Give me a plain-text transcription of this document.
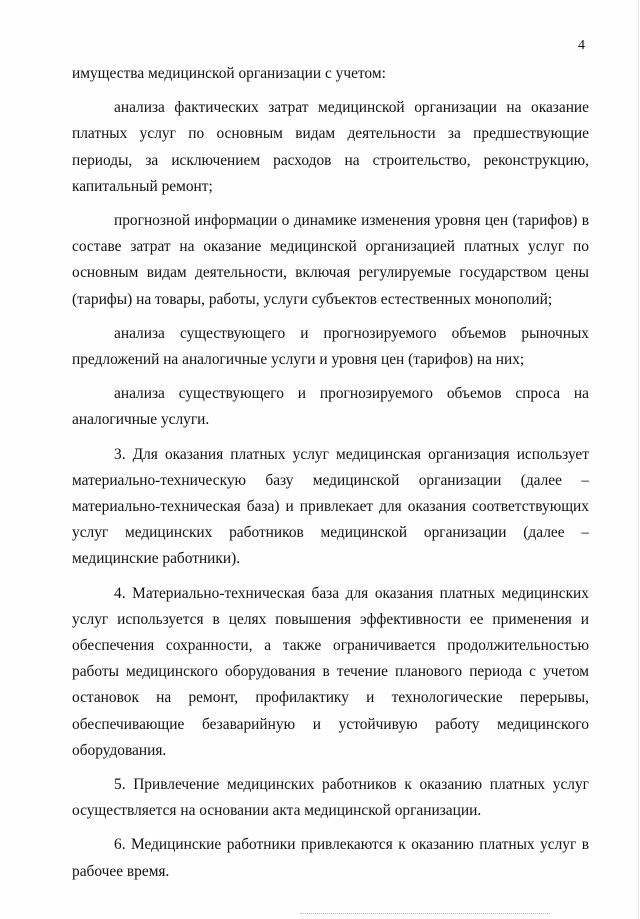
4

имущества медицинской организации с учетом:

анализа фактических затрат медицинской организации на оказание платных услуг по основным видам деятельности за предшествующие периоды, за исключением расходов на строительство, реконструкцию, капитальный ремонт;

прогнозной информации о динамике изменения уровня цен (тарифов) в составе затрат на оказание медицинской организацией платных услуг по основным видам деятельности, включая регулируемые государством цены (тарифы) на товары, работы, услуги субъектов естественных монополий;

анализа существующего и прогнозируемого объемов рыночных предложений на аналогичные услуги и уровня цен (тарифов) на них;

анализа существующего и прогнозируемого объемов спроса на аналогичные услуги.

3. Для оказания платных услуг медицинская организация использует материально-техническую базу медицинской организации (далее – материально-техническая база) и привлекает для оказания соответствующих услуг медицинских работников медицинской организации (далее – медицинские работники).

4. Материально-техническая база для оказания платных медицинских услуг используется в целях повышения эффективности ее применения и обеспечения сохранности, а также ограничивается продолжительностью работы медицинского оборудования в течение планового периода с учетом остановок на ремонт, профилактику и технологические перерывы, обеспечивающие безаварийную и устойчивую работу медицинского оборудования.

5. Привлечение медицинских работников к оказанию платных услуг осуществляется на основании акта медицинской организации.

6. Медицинские работники привлекаются к оказанию платных услуг в рабочее время.
